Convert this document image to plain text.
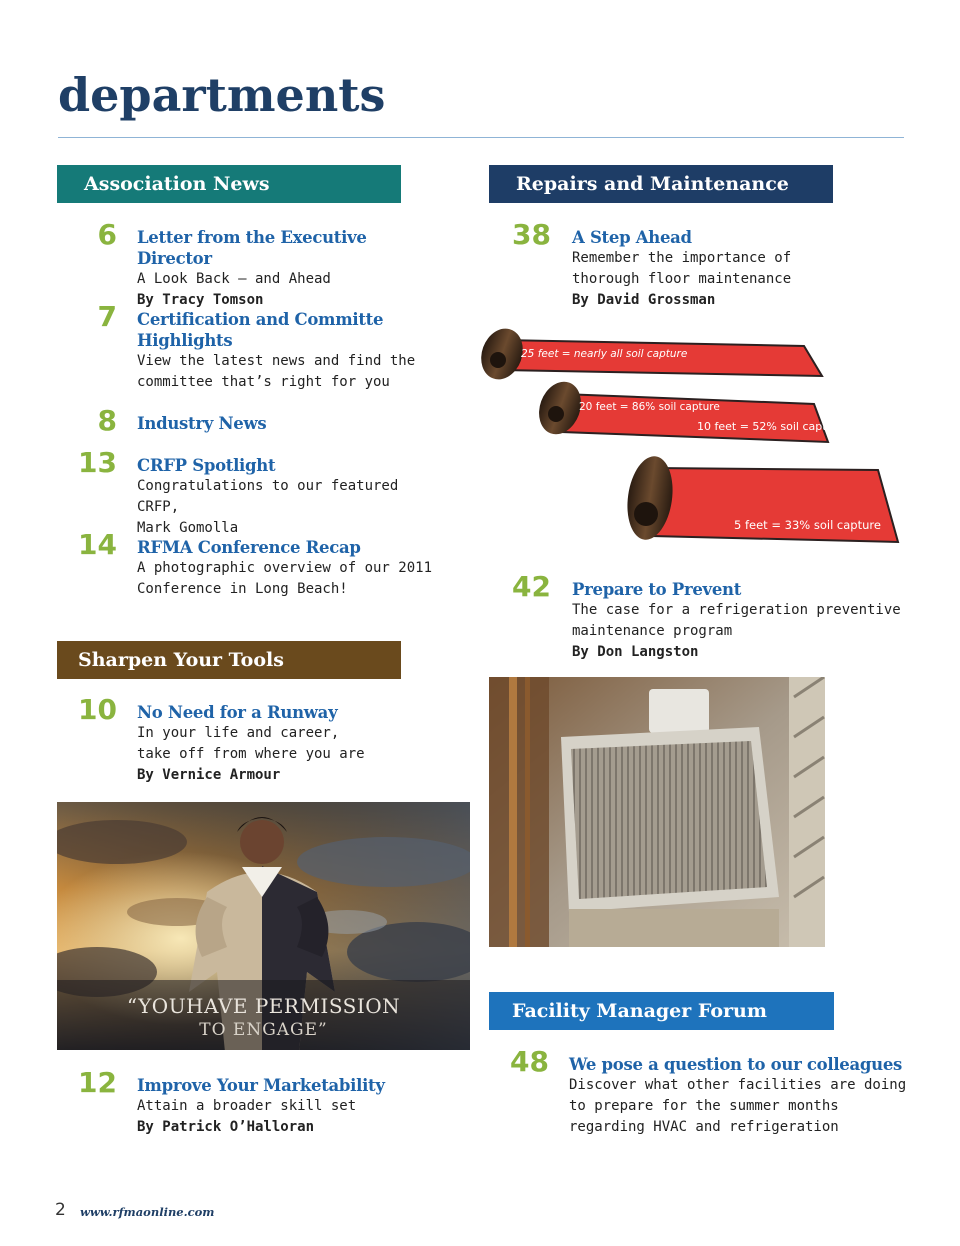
departments
Association News
6 Letter from the Executive Director
A Look Back — and Ahead
By Tracy Tomson
7 Certification and Committe
Highlights
View the latest news and find the
committee that’s right for you
8 Industry News
13 CRFP Spotlight
Congratulations to our featured CRFP,
Mark Gomolla
14 RFMA Conference Recap
A photographic overview of our 2011
Conference in Long Beach!
Sharpen Your Tools
10 No Need for a Runway
In your life and career,
take off from where you are
By Vernice Armour
“YOUHAVE PERMISSION
TO ENGAGE”
12 Improve Your Marketability
Attain a broader skill set
By Patrick O’Halloran
Repairs and Maintenance
38 A Step Ahead
Remember the importance of
thorough floor maintenance
By David Grossman
25 feet = nearly all soil capture
20 feet = 86% soil capture
10 feet = 52% soil capture
5 feet = 33% soil capture
42 Prepare to Prevent
The case for a refrigeration preventive
maintenance program
By Don Langston
Facility Manager Forum
48 We pose a question to our colleagues
Discover what other facilities are doing
to prepare for the summer months
regarding HVAC and refrigeration
2 www.rfmaonline.com
